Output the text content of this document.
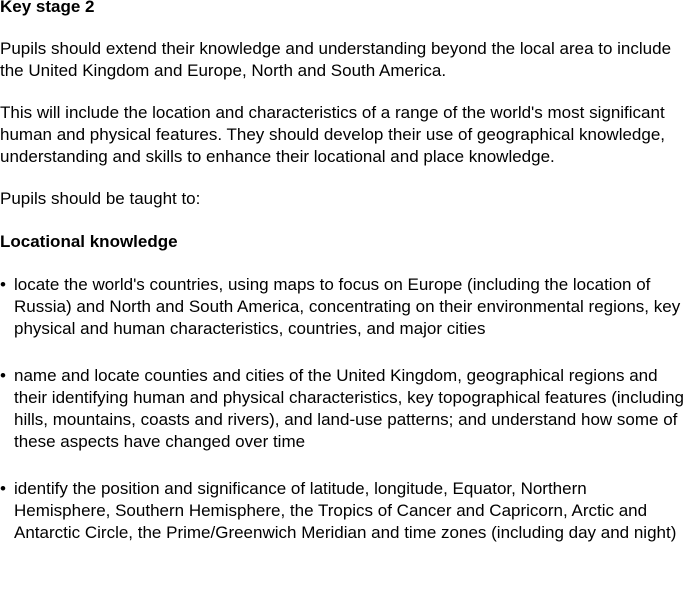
Key stage 2

Pupils should extend their knowledge and understanding beyond the local area to include the United Kingdom and Europe, North and South America.

This will include the location and characteristics of a range of the world's most significant human and physical features. They should develop their use of geographical knowledge, understanding and skills to enhance their locational and place knowledge.

Pupils should be taught to:

Locational knowledge

• locate the world's countries, using maps to focus on Europe (including the location of Russia) and North and South America, concentrating on their environmental regions, key physical and human characteristics, countries, and major cities
• name and locate counties and cities of the United Kingdom, geographical regions and their identifying human and physical characteristics, key topographical features (including hills, mountains, coasts and rivers), and land-use patterns; and understand how some of these aspects have changed over time
• identify the position and significance of latitude, longitude, Equator, Northern Hemisphere, Southern Hemisphere, the Tropics of Cancer and Capricorn, Arctic and Antarctic Circle, the Prime/Greenwich Meridian and time zones (including day and night)
